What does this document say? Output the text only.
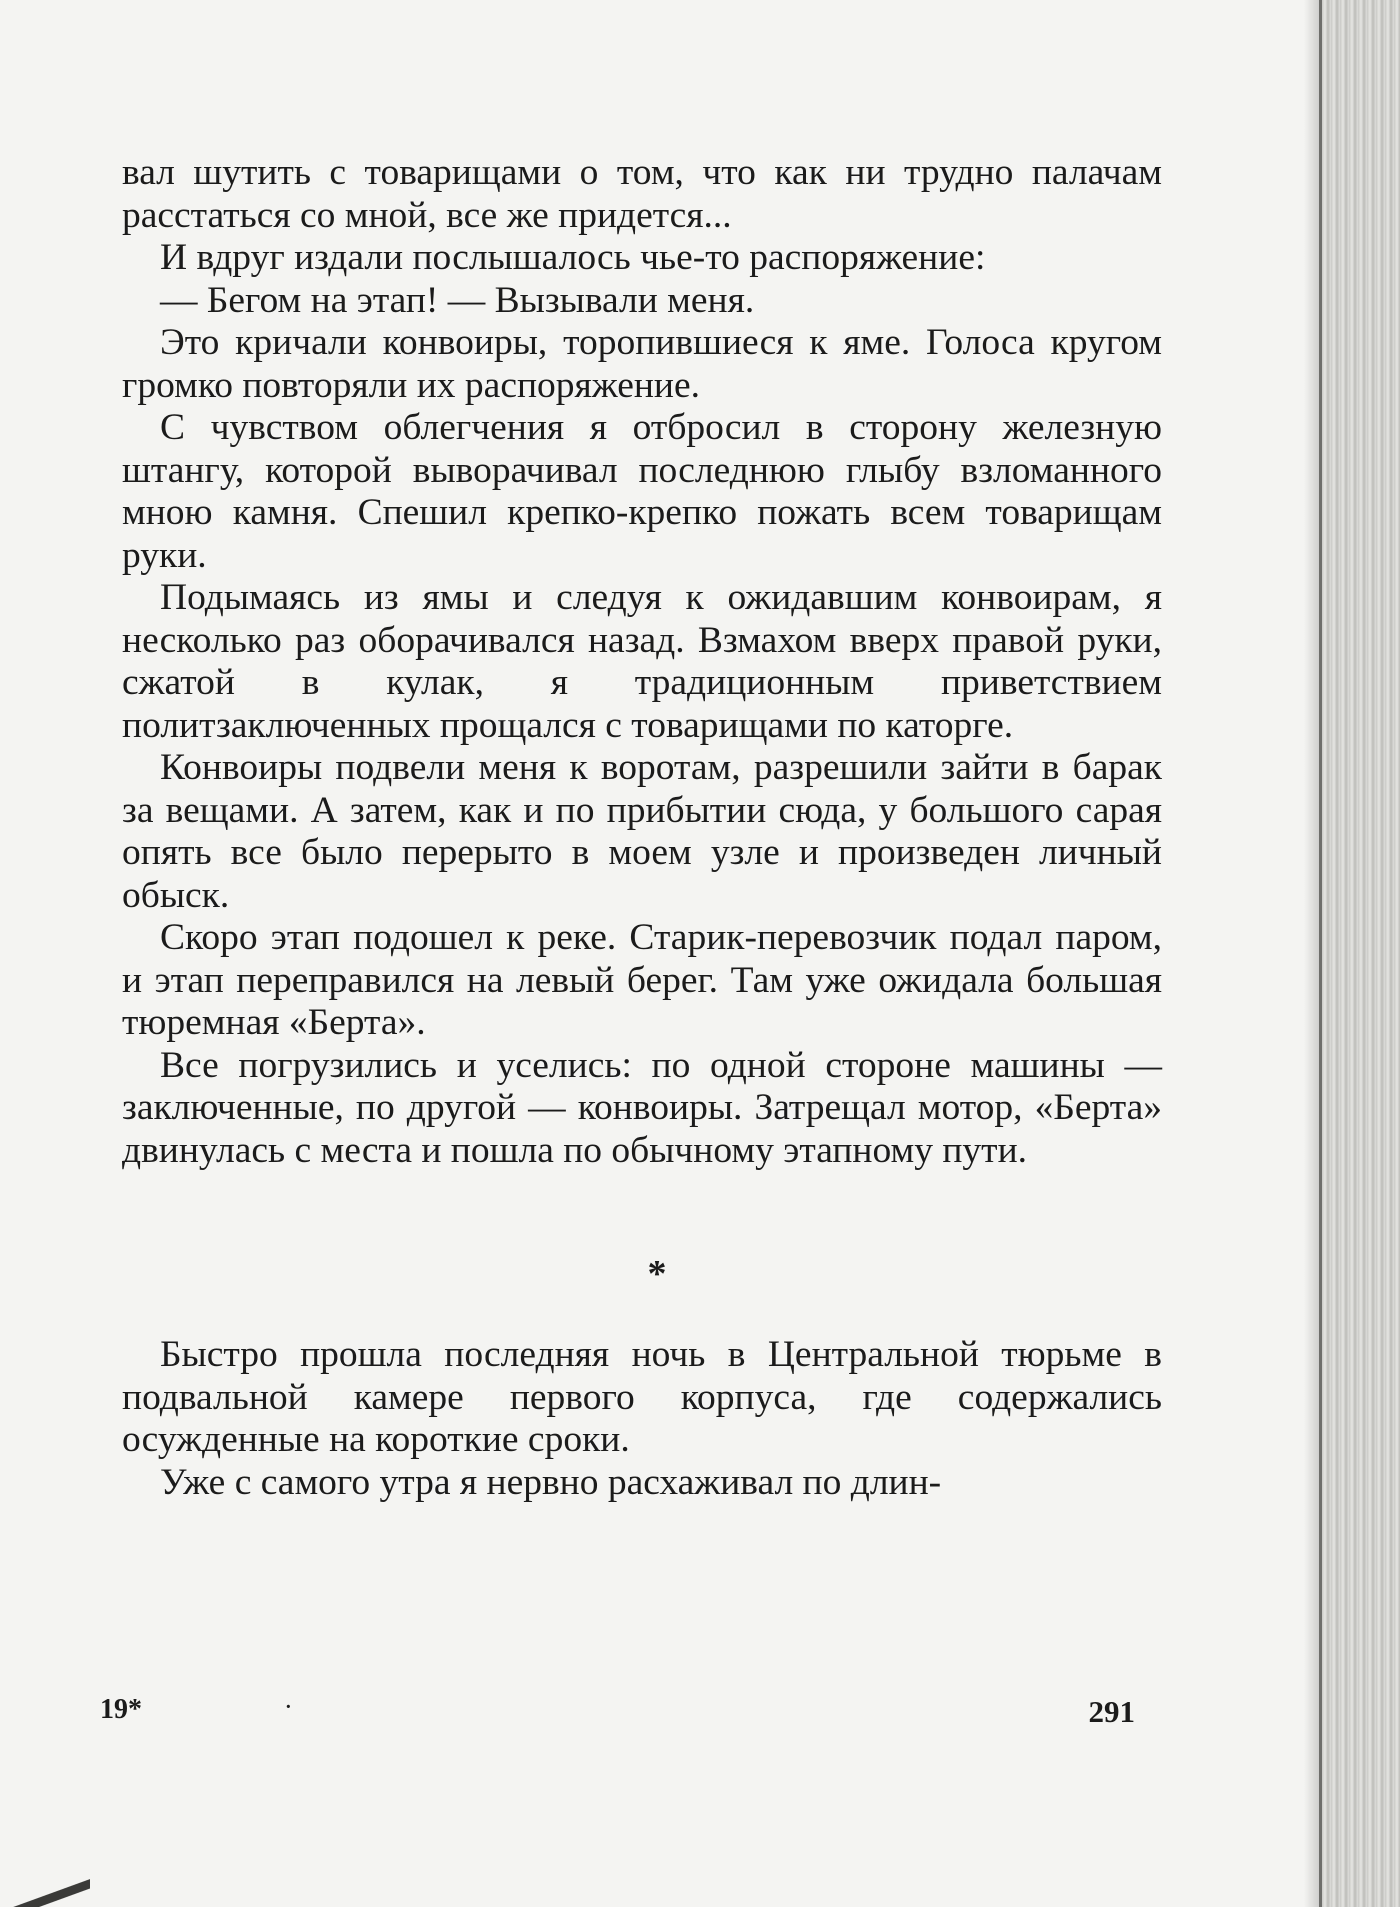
вал шутить с товарищами о том, что как ни трудно палачам расстаться со мной, все же придется...

И вдруг издали послышалось чье-то распоряжение:

— Бегом на этап! — Вызывали меня.

Это кричали конвоиры, торопившиеся к яме. Голоса кругом громко повторяли их распоряжение.

С чувством облегчения я отбросил в сторону железную штангу, которой выворачивал последнюю глыбу взломанного мною камня. Спешил крепко-крепко пожать всем товарищам руки.

Подымаясь из ямы и следуя к ожидавшим конвоирам, я несколько раз оборачивался назад. Взмахом вверх правой руки, сжатой в кулак, я традиционным приветствием политзаключенных прощался с товарищами по каторге.

Конвоиры подвели меня к воротам, разрешили зайти в барак за вещами. А затем, как и по прибытии сюда, у большого сарая опять все было перерыто в моем узле и произведен личный обыск.

Скоро этап подошел к реке. Старик-перевозчик подал паром, и этап переправился на левый берег. Там уже ожидала большая тюремная «Берта».

Все погрузились и уселись: по одной стороне машины — заключенные, по другой — конвоиры. Затрещал мотор, «Берта» двинулась с места и пошла по обычному этапному пути.

*

Быстро прошла последняя ночь в Центральной тюрьме в подвальной камере первого корпуса, где содержались осужденные на короткие сроки.

Уже с самого утра я нервно расхаживал по длин-

19*	·	291
